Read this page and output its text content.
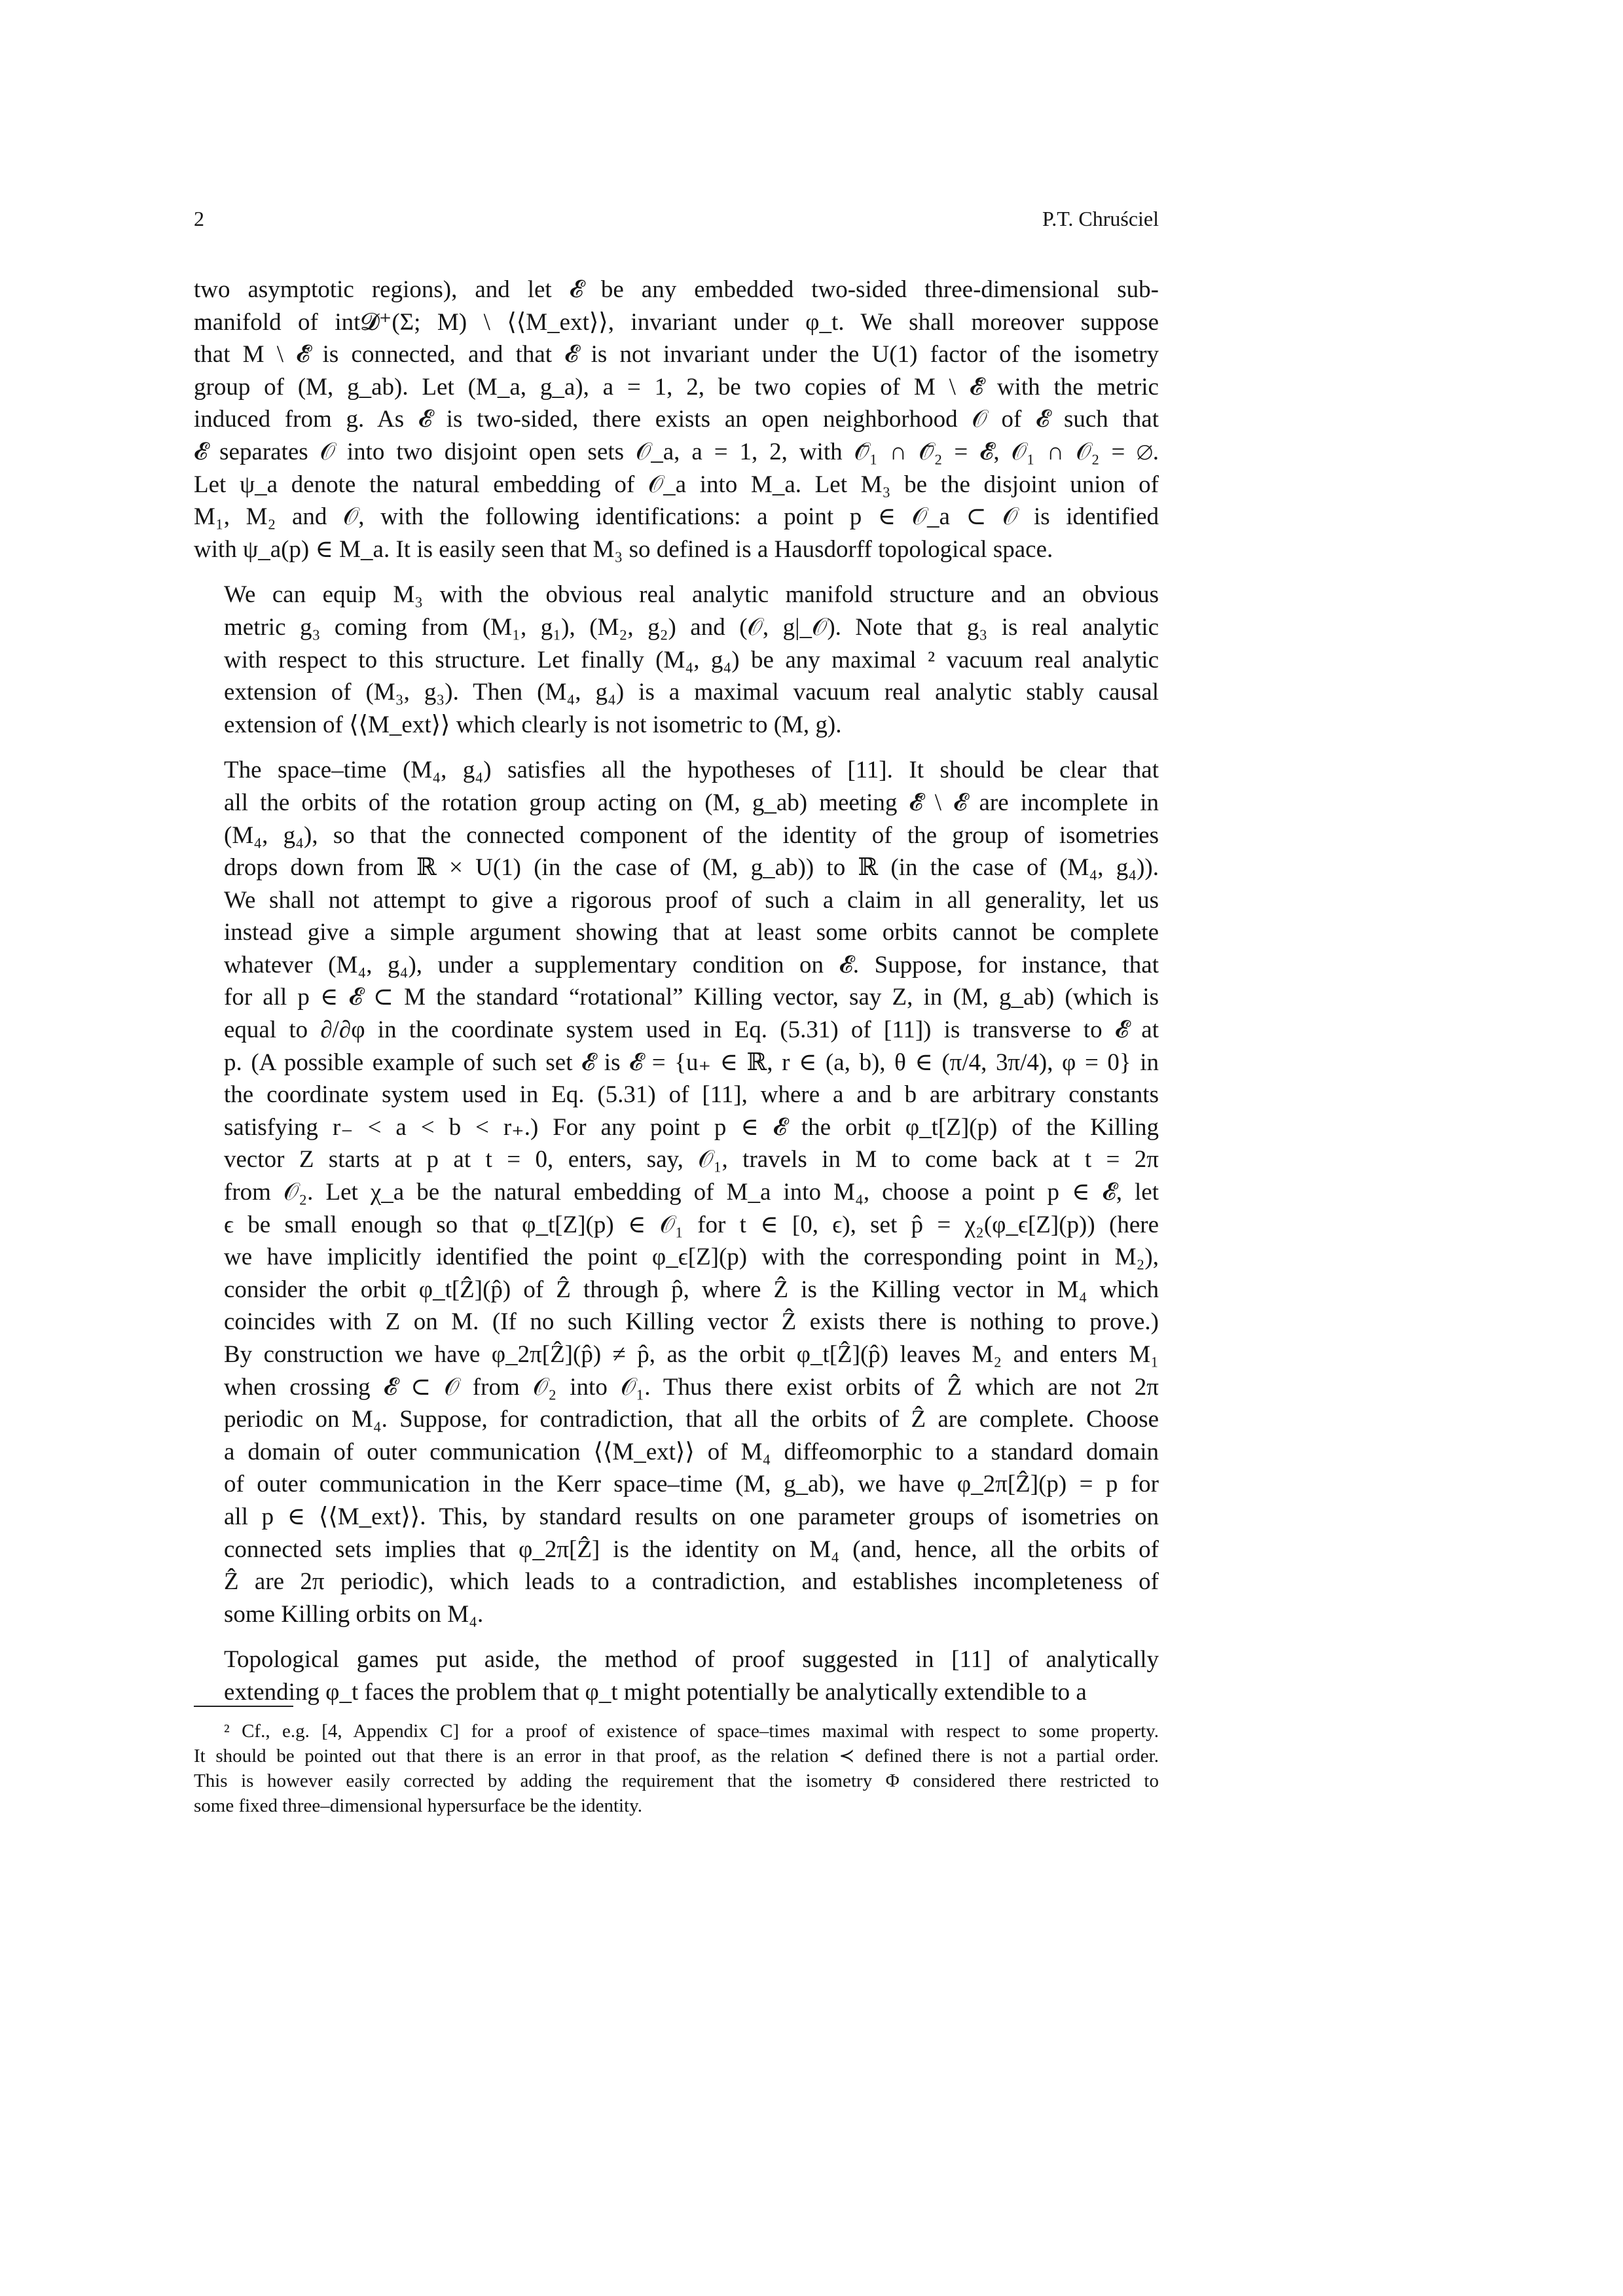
2	P.T. Chruściel

two asymptotic regions), and let 𝓔 be any embedded two-sided three-dimensional sub-
manifold of int𝓓⁺(Σ; M) \ ⟨⟨M_ext⟩⟩, invariant under φ_t. We shall moreover suppose
that M \ 𝓔̄ is connected, and that 𝓔 is not invariant under the U(1) factor of the isometry
group of (M, g_ab). Let (M_a, g_a), a = 1, 2, be two copies of M \ 𝓔̄ with the metric
induced from g. As 𝓔 is two-sided, there exists an open neighborhood 𝒪 of 𝓔 such that
𝓔 separates 𝒪 into two disjoint open sets 𝒪_a, a = 1, 2, with 𝒪̄₁ ∩ 𝒪̄₂ = 𝓔̄, 𝒪₁ ∩ 𝒪₂ = ∅.
Let ψ_a denote the natural embedding of 𝒪_a into M_a. Let M₃ be the disjoint union of
M₁, M₂ and 𝒪, with the following identifications: a point p ∈ 𝒪_a ⊂ 𝒪 is identified
with ψ_a(p) ∈ M_a. It is easily seen that M₃ so defined is a Hausdorff topological space.

We can equip M₃ with the obvious real analytic manifold structure and an obvious
metric g₃ coming from (M₁, g₁), (M₂, g₂) and (𝒪, g|_𝒪). Note that g₃ is real analytic
with respect to this structure. Let finally (M₄, g₄) be any maximal ² vacuum real analytic
extension of (M₃, g₃). Then (M₄, g₄) is a maximal vacuum real analytic stably causal
extension of ⟨⟨M_ext⟩⟩ which clearly is not isometric to (M, g).

The space–time (M₄, g₄) satisfies all the hypotheses of [11]. It should be clear that
all the orbits of the rotation group acting on (M, g_ab) meeting 𝓔̄ \ 𝓔 are incomplete in
(M₄, g₄), so that the connected component of the identity of the group of isometries
drops down from ℝ × U(1) (in the case of (M, g_ab)) to ℝ (in the case of (M₄, g₄)).
We shall not attempt to give a rigorous proof of such a claim in all generality, let us
instead give a simple argument showing that at least some orbits cannot be complete
whatever (M₄, g₄), under a supplementary condition on 𝓔. Suppose, for instance, that
for all p ∈ 𝓔 ⊂ M the standard “rotational” Killing vector, say Z, in (M, g_ab) (which is
equal to ∂/∂φ in the coordinate system used in Eq. (5.31) of [11]) is transverse to 𝓔 at
p. (A possible example of such set 𝓔 is 𝓔 = {u₊ ∈ ℝ, r ∈ (a, b), θ ∈ (π/4, 3π/4), φ = 0} in
the coordinate system used in Eq. (5.31) of [11], where a and b are arbitrary constants
satisfying r₋ < a < b < r₊.) For any point p ∈ 𝓔 the orbit φ_t[Z](p) of the Killing
vector Z starts at p at t = 0, enters, say, 𝒪₁, travels in M to come back at t = 2π
from 𝒪₂. Let χ_a be the natural embedding of M_a into M₄, choose a point p ∈ 𝓔, let
ϵ be small enough so that φ_t[Z](p) ∈ 𝒪₁ for t ∈ [0, ϵ), set p̂ = χ₂(φ_ϵ[Z](p)) (here
we have implicitly identified the point φ_ϵ[Z](p) with the corresponding point in M₂),
consider the orbit φ_t[Ẑ](p̂) of Ẑ through p̂, where Ẑ is the Killing vector in M₄ which
coincides with Z on M. (If no such Killing vector Ẑ exists there is nothing to prove.)
By construction we have φ_2π[Ẑ](p̂) ≠ p̂, as the orbit φ_t[Ẑ](p̂) leaves M₂ and enters M₁
when crossing 𝓔 ⊂ 𝒪 from 𝒪₂ into 𝒪₁. Thus there exist orbits of Ẑ which are not 2π
periodic on M₄. Suppose, for contradiction, that all the orbits of Ẑ are complete. Choose
a domain of outer communication ⟨⟨M_ext⟩⟩ of M₄ diffeomorphic to a standard domain
of outer communication in the Kerr space–time (M, g_ab), we have φ_2π[Ẑ](p) = p for
all p ∈ ⟨⟨M_ext⟩⟩. This, by standard results on one parameter groups of isometries on
connected sets implies that φ_2π[Ẑ] is the identity on M₄ (and, hence, all the orbits of
Ẑ are 2π periodic), which leads to a contradiction, and establishes incompleteness of
some Killing orbits on M₄.

Topological games put aside, the method of proof suggested in [11] of analytically
extending φ_t faces the problem that φ_t might potentially be analytically extendible to a

² Cf., e.g. [4, Appendix C] for a proof of existence of space–times maximal with respect to some property.
It should be pointed out that there is an error in that proof, as the relation ≺ defined there is not a partial order.
This is however easily corrected by adding the requirement that the isometry Φ considered there restricted to
some fixed three–dimensional hypersurface be the identity.
